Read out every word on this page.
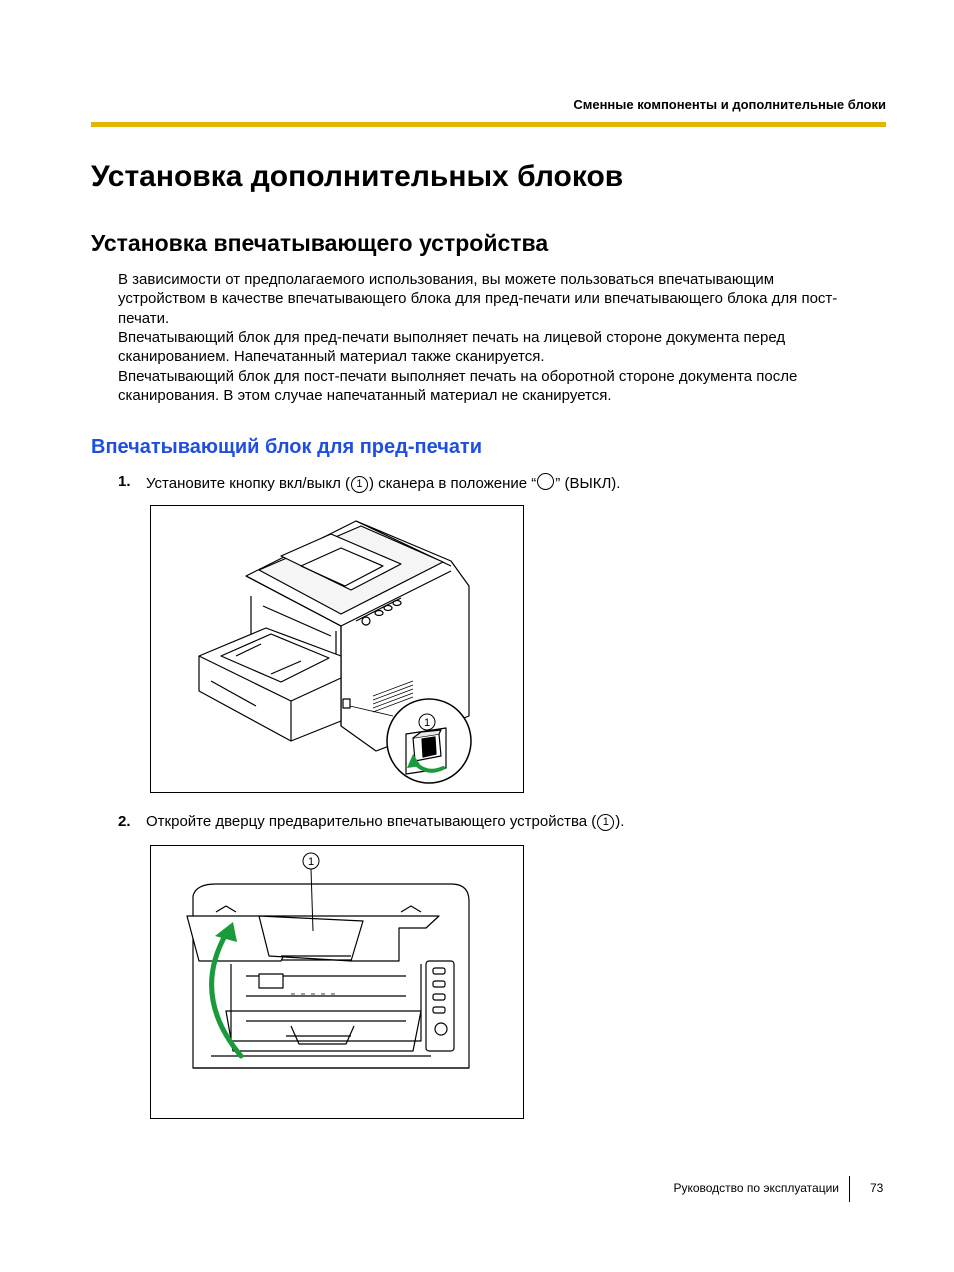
Сменные компоненты и дополнительные блоки
Установка дополнительных блоков
Установка впечатывающего устройства

В зависимости от предполагаемого использования, вы можете пользоваться впечатывающим устройством в качестве впечатывающего блока для пред-печати или впечатывающего блока для пост-печати.

Впечатывающий блок для пред-печати выполняет печать на лицевой стороне документа перед сканированием. Напечатанный материал также сканируется.

Впечатывающий блок для пост-печати выполняет печать на оборотной стороне документа после сканирования. В этом случае напечатанный материал не сканируется.

Впечатывающий блок для пред-печати
1. Установите кнопку вкл/выкл ( 1 ) сканера в положение “ ” (ВЫКЛ).
1
2. Откройте дверцу предварительно впечатывающего устройства ( 1 ).
1
Руководство по эксплуатации	73
